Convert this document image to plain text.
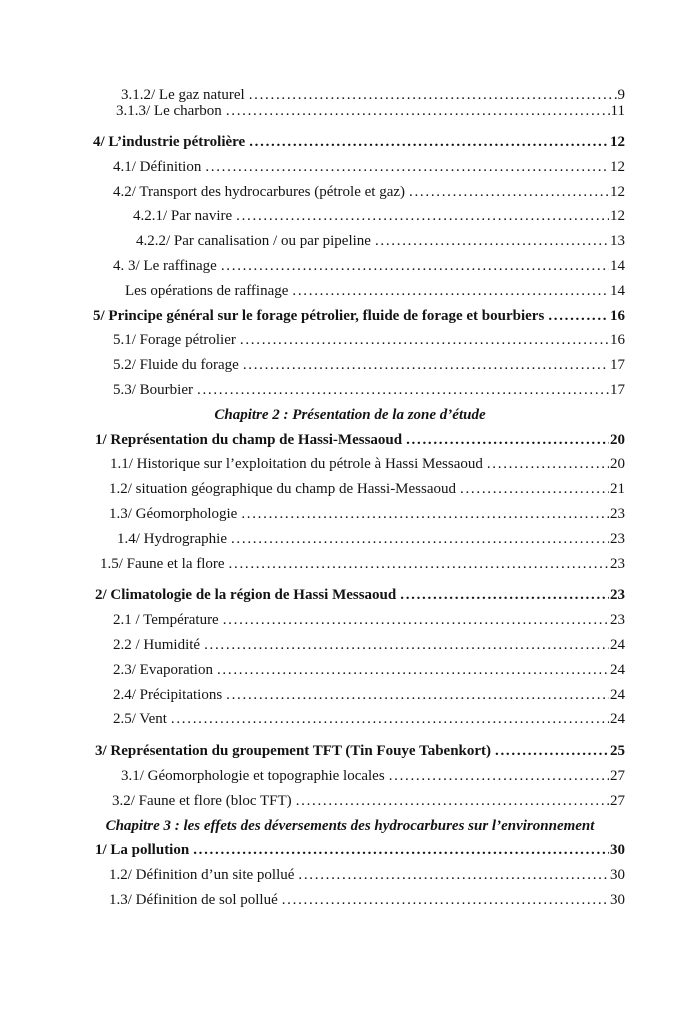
3.1.2/ Le gaz naturel .....	9
3.1.3/ Le charbon .....	11
4/ L’industrie pétrolière .....	12
4.1/ Définition .....	12
4.2/ Transport des hydrocarbures (pétrole et gaz) .....	12
4.2.1/ Par navire .....	12
4.2.2/ Par canalisation / ou par pipeline .....	13
4. 3/ Le raffinage .....	14
Les opérations de raffinage .....	14
5/ Principe général sur le forage pétrolier, fluide de forage et bourbiers .....	16
5.1/ Forage pétrolier .....	16
5.2/ Fluide du forage .....	17
5.3/ Bourbier .....	17
Chapitre 2 : Présentation de la zone d’étude
1/ Représentation du champ de Hassi-Messaoud .....	20
1.1/ Historique sur l’exploitation du pétrole à Hassi Messaoud .....	20
1.2/ situation géographique du champ de Hassi-Messaoud .....	21
1.3/ Géomorphologie .....	23
1.4/ Hydrographie .....	23
1.5/ Faune et la flore .....	23
2/ Climatologie de la région de Hassi Messaoud .....	23
2.1 / Température .....	23
2.2 / Humidité .....	24
2.3/ Evaporation .....	24
2.4/ Précipitations .....	24
2.5/ Vent .....	24
3/ Représentation du groupement TFT (Tin Fouye Tabenkort) .....	25
3.1/ Géomorphologie et topographie locales .....	27
3.2/ Faune et flore (bloc TFT) .....	27
Chapitre 3 : les effets des déversements des hydrocarbures sur l’environnement
1/ La pollution .....	30
1.2/ Définition d’un site pollué .....	30
1.3/ Définition de sol pollué .....	30
